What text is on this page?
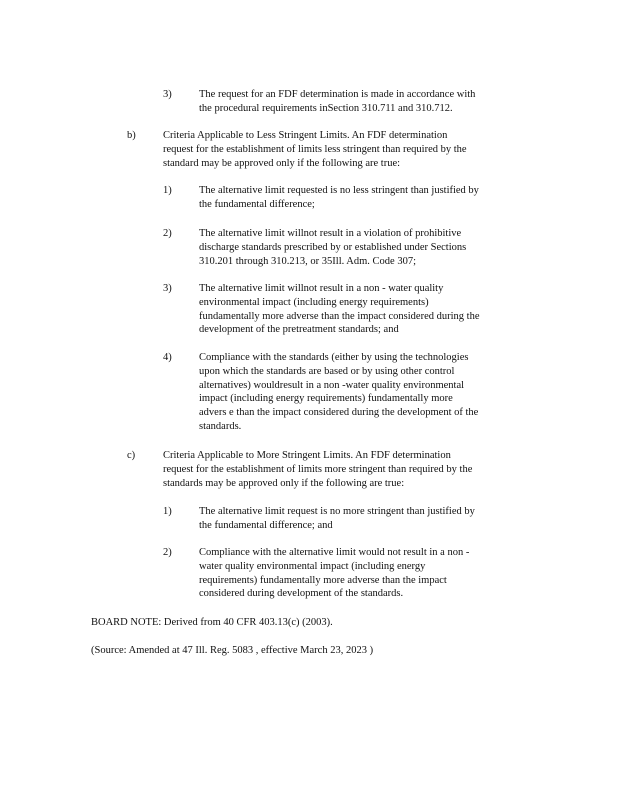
3)	The request for an FDF determination is made in accordance with
the procedural requirements inSection 310.711 and 310.712.
b)	Criteria Applicable to Less Stringent Limits. An FDF determination
request for the establishment of limits less stringent than required by the
standard may be approved only if the following are true:
1)	The alternative limit requested is no less stringent than justified by
the fundamental difference;
2)	The alternative limit willnot result in a violation of prohibitive
discharge standards prescribed by or established under Sections
310.201 through 310.213, or 35Ill. Adm. Code 307;
3)	The alternative limit willnot result in a non - water quality
environmental impact (including energy requirements)
fundamentally more adverse than the impact considered during the
development of the pretreatment standards; and
4)	Compliance with the standards (either by using the technologies
upon which the standards are based or by using other control
alternatives) wouldresult in a non -water quality environmental
impact (including energy requirements) fundamentally more
advers e than the impact considered during the development of the
standards.
c)	Criteria Applicable to More Stringent Limits. An FDF determination
request for the establishment of limits more stringent than required by the
standards may be approved only if the following are true:
1)	The alternative limit request is no more stringent than justified by
the fundamental difference; and
2)	Compliance with the alternative limit would not result in a non -
water quality environmental impact (including energy
requirements) fundamentally more adverse than the impact
considered during development of the standards.
BOARD NOTE: Derived from 40 CFR 403.13(c) (2003).
(Source: Amended at 47 Ill. Reg. 5083 , effective March 23, 2023 )
